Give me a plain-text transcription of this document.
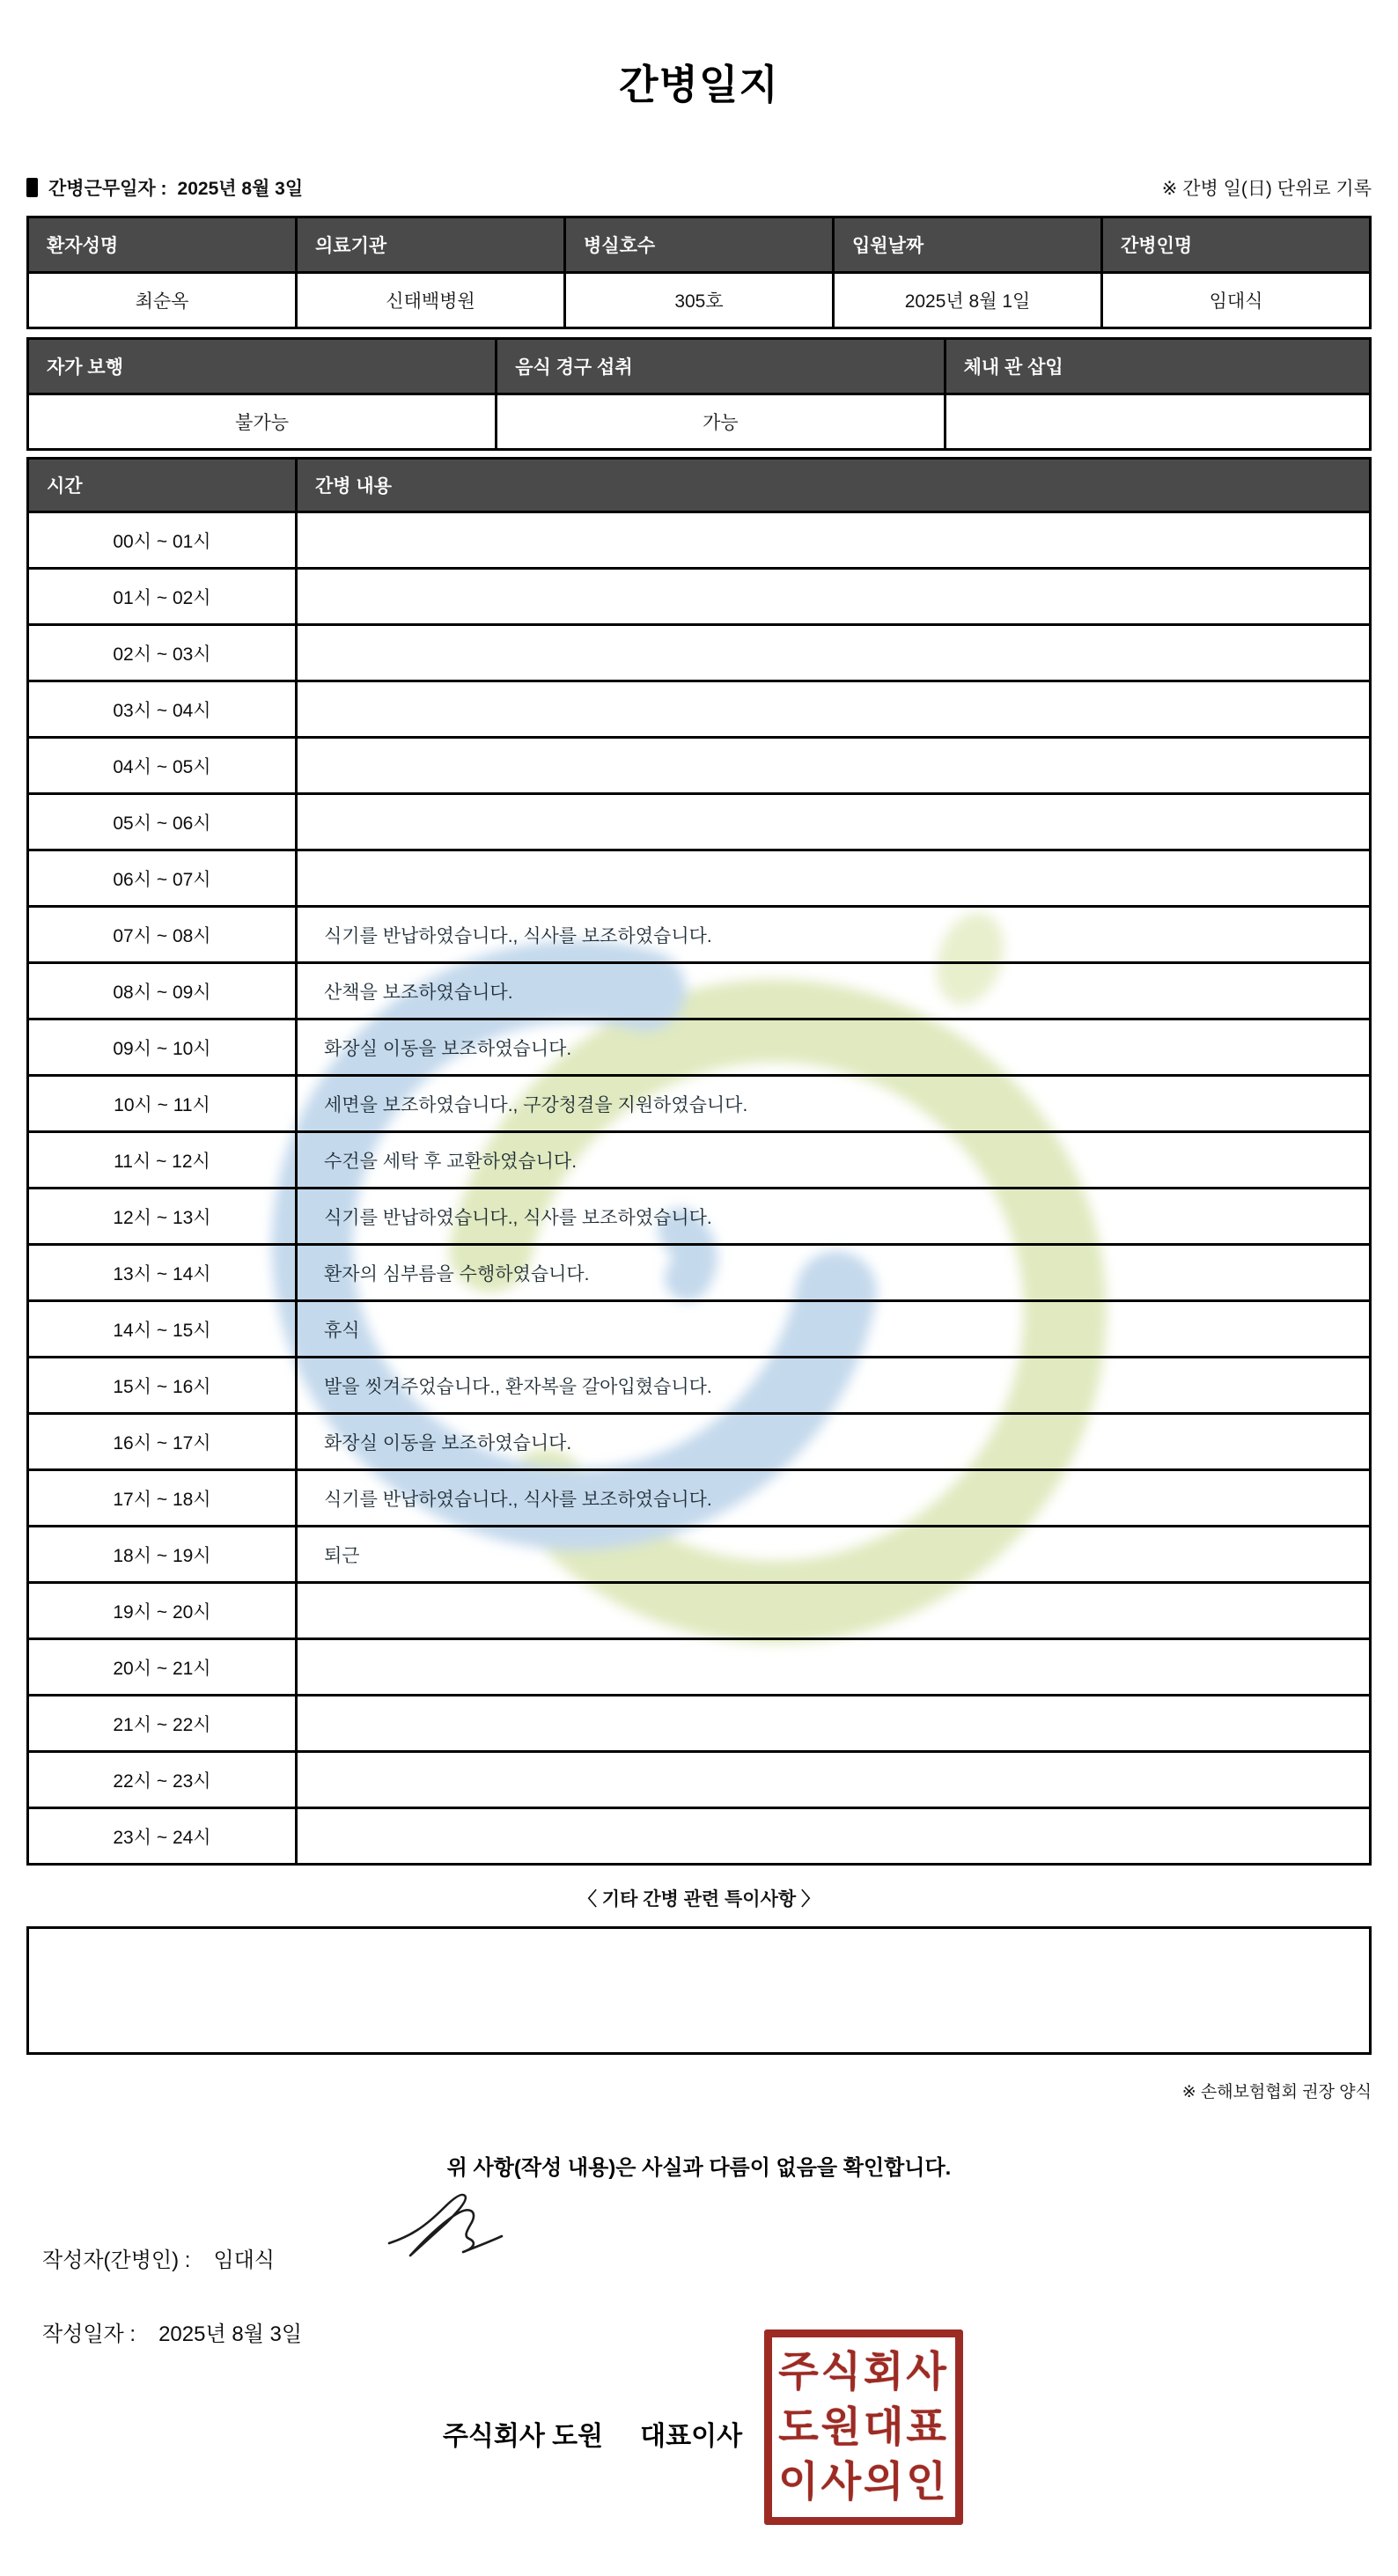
간병일지
간병근무일자 : 2025년 8월 3일	※ 간병 일(日) 단위로 기록
환자성명	의료기관	병실호수	입원날짜	간병인명
최순옥	신태백병원	305호	2025년 8월 1일	임대식
자가 보행	음식 경구 섭취	체내 관 삽입
불가능	가능	
시간	간병 내용
00시 ~ 01시	
01시 ~ 02시	
02시 ~ 03시	
03시 ~ 04시	
04시 ~ 05시	
05시 ~ 06시	
06시 ~ 07시	
07시 ~ 08시	식기를 반납하였습니다., 식사를 보조하였습니다.
08시 ~ 09시	산책을 보조하였습니다.
09시 ~ 10시	화장실 이동을 보조하였습니다.
10시 ~ 11시	세면을 보조하였습니다., 구강청결을 지원하였습니다.
11시 ~ 12시	수건을 세탁 후 교환하였습니다.
12시 ~ 13시	식기를 반납하였습니다., 식사를 보조하였습니다.
13시 ~ 14시	환자의 심부름을 수행하였습니다.
14시 ~ 15시	휴식
15시 ~ 16시	발을 씻겨주었습니다., 환자복을 갈아입혔습니다.
16시 ~ 17시	화장실 이동을 보조하였습니다.
17시 ~ 18시	식기를 반납하였습니다., 식사를 보조하였습니다.
18시 ~ 19시	퇴근
19시 ~ 20시	
20시 ~ 21시	
21시 ~ 22시	
22시 ~ 23시	
23시 ~ 24시	
〈 기타 간병 관련 특이사항 〉
※ 손해보험협회 권장 양식
위 사항(작성 내용)은 사실과 다름이 없음을 확인합니다.
작성자(간병인) : 임대식
작성일자 : 2025년 8월 3일
주식회사 도원 대표이사
주식회사
도원대표
이사의인
